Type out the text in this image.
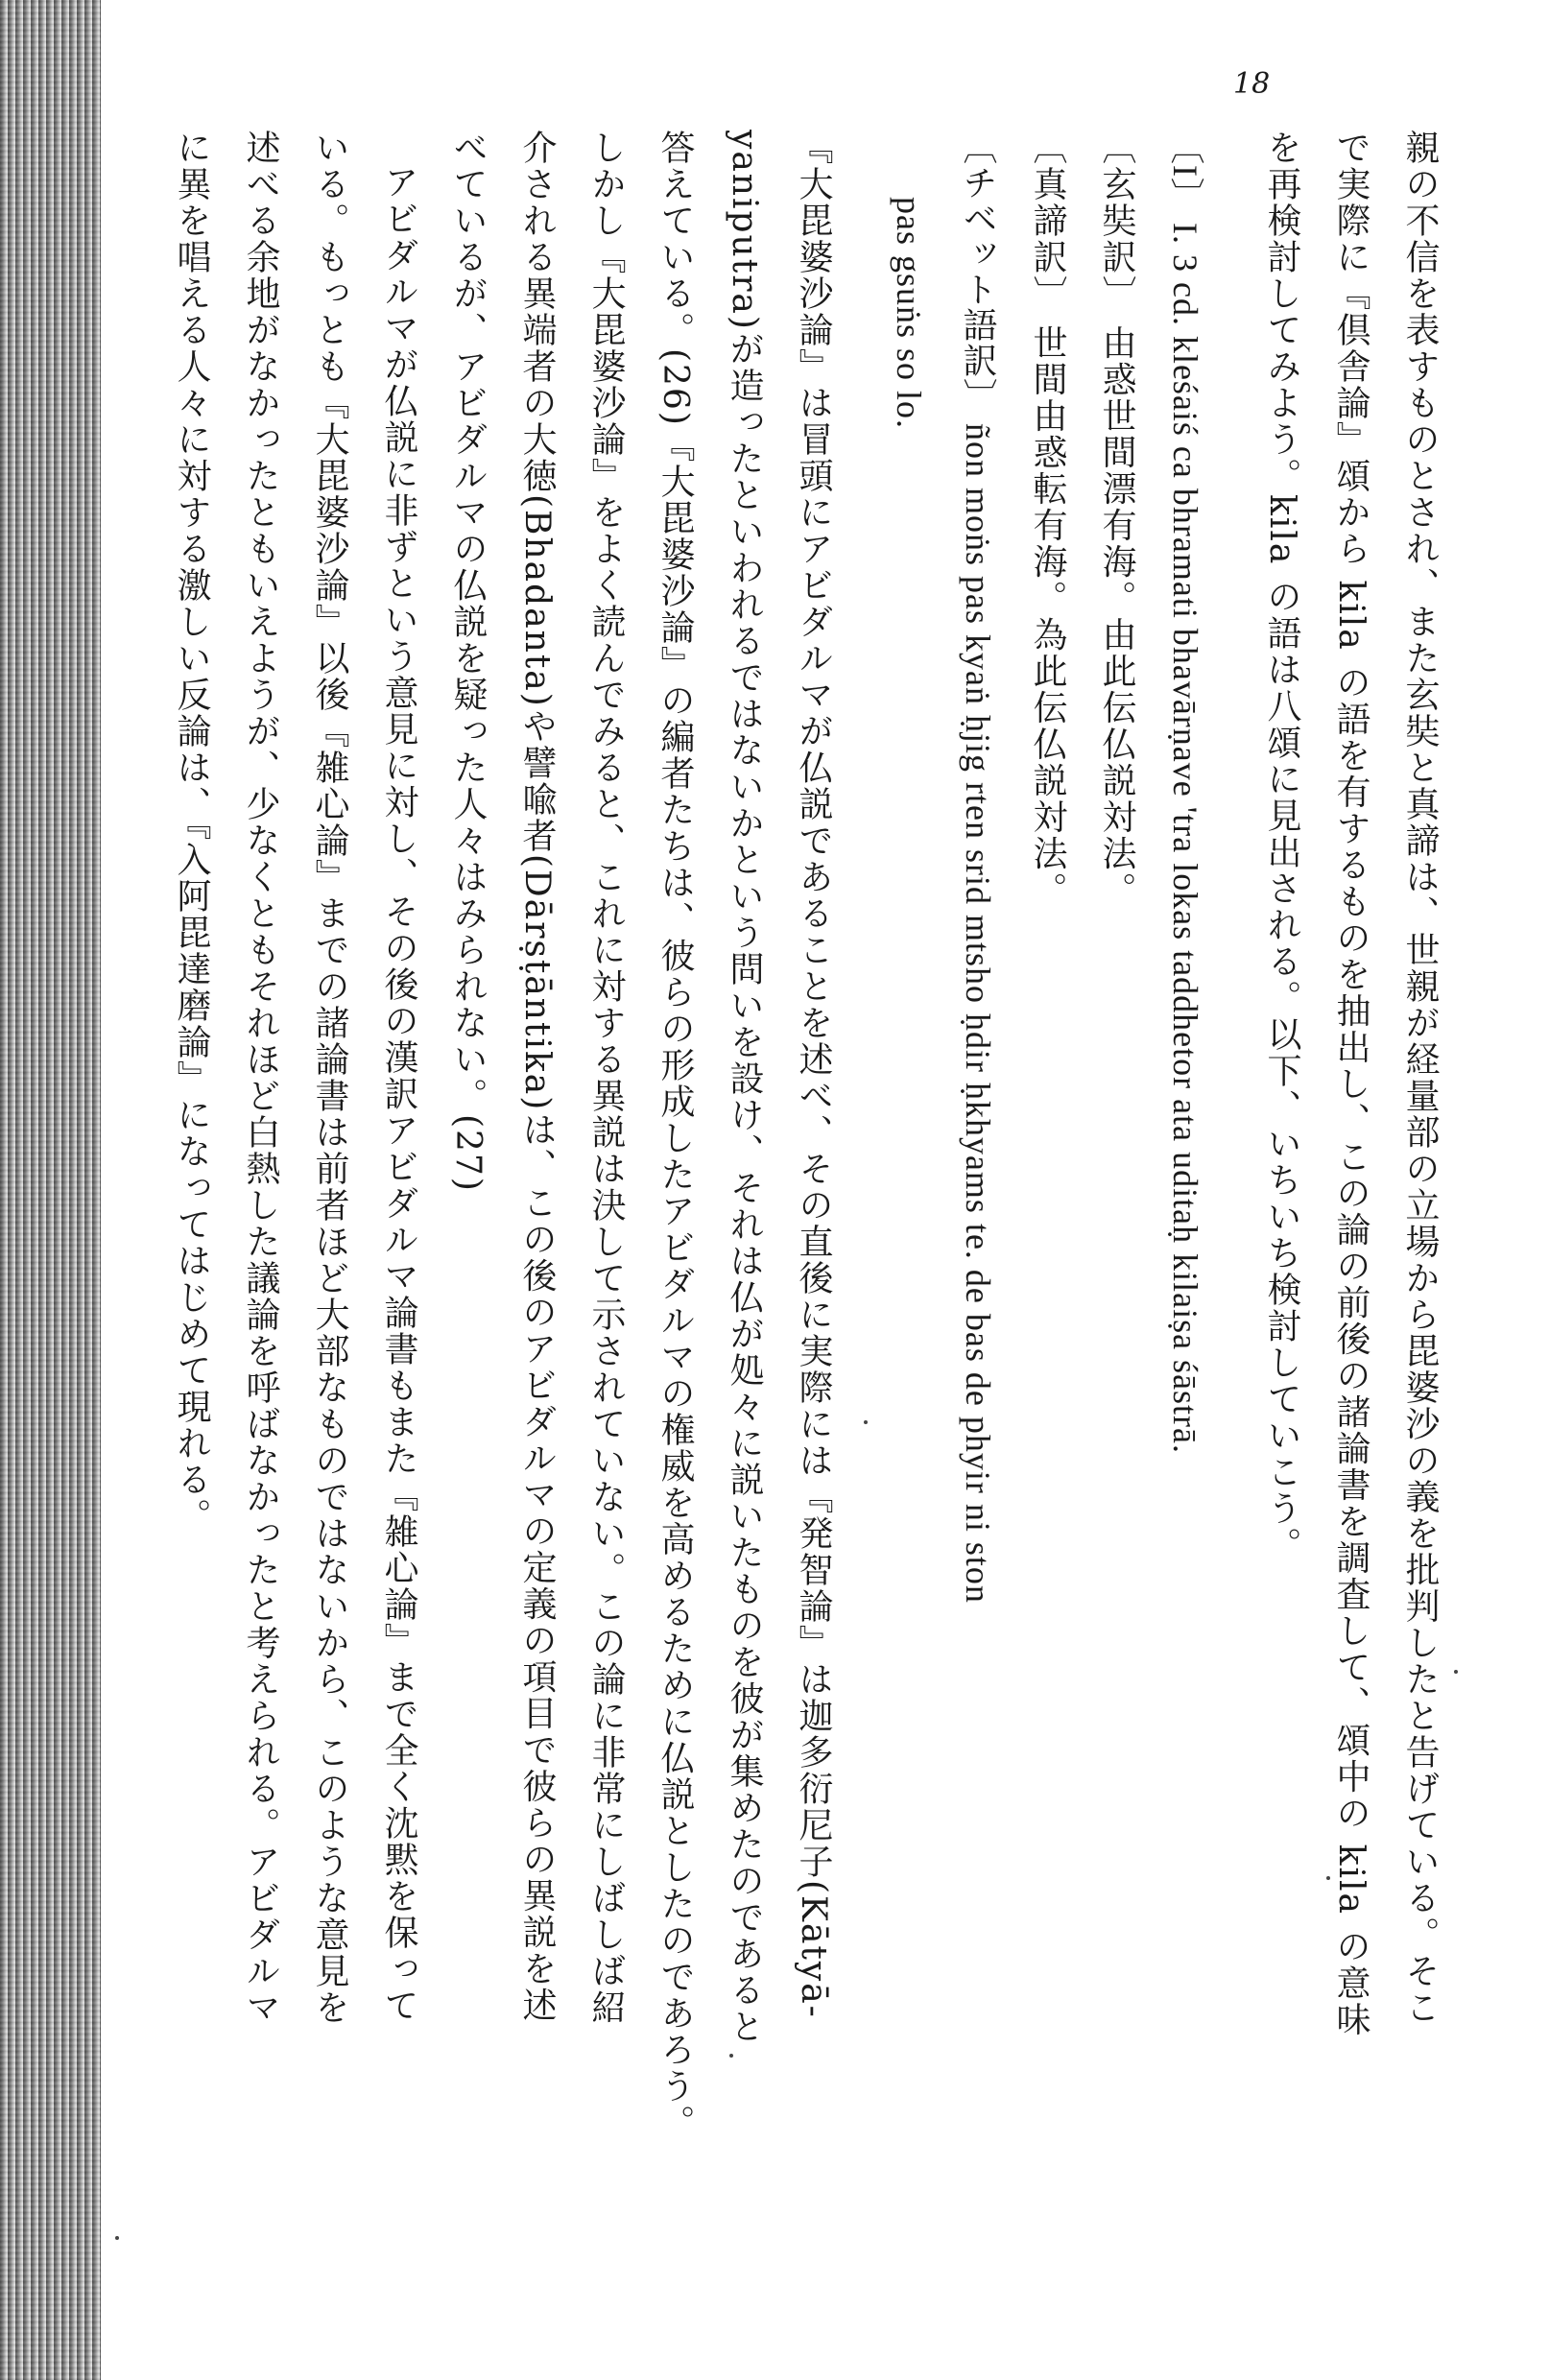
18
親の不信を表すものとされ、また玄奘と真諦は、世親が経量部の立場から毘婆沙の義を批判したと告げている。そこ
で実際に『倶舎論』頌から kila の語を有するものを抽出し、この論の前後の諸論書を調査して、頌中の kila の意味
を再検討してみよう。kila の語は八頌に見出される。以下、いちいち検討していこう。
〔I〕 I. 3 cd. kleśaiś ca bhramati bhavārṇave 'tra lokas taddhetor ata uditaḥ kilaiṣa śāstrā.
〔玄奘訳〕 由惑世間漂有海。由此伝仏説対法。
〔真諦訳〕 世間由惑転有海。為此伝仏説対法。
〔チベット語訳〕 ñon moṅs pas kyaṅ ḥjig rten srid mtsho ḥdir ḥkhyams te. de bas de phyir ni ston
pas gsuṅs so lo.
『大毘婆沙論』は冒頭にアビダルマが仏説であることを述べ、その直後に実際には『発智論』は迦多衍尼子(Kātyā-
yaniputra)が造ったといわれるではないかという問いを設け、それは仏が処々に説いたものを彼が集めたのであると
答えている。(26)『大毘婆沙論』の編者たちは、彼らの形成したアビダルマの権威を高めるために仏説としたのであろう。
しかし『大毘婆沙論』をよく読んでみると、これに対する異説は決して示されていない。この論に非常にしばしば紹
介される異端者の大徳(Bhadanta)や譬喩者(Dārṣṭāntika)は、この後のアビダルマの定義の項目で彼らの異説を述
べているが、アビダルマの仏説を疑った人々はみられない。(27)
アビダルマが仏説に非ずという意見に対し、その後の漢訳アビダルマ論書もまた『雑心論』まで全く沈黙を保って
いる。もっとも『大毘婆沙論』以後『雑心論』までの諸論書は前者ほど大部なものではないから、このような意見を
述べる余地がなかったともいえようが、少なくともそれほど白熱した議論を呼ばなかったと考えられる。アビダルマ
に異を唱える人々に対する激しい反論は、『入阿毘達磨論』になってはじめて現れる。
